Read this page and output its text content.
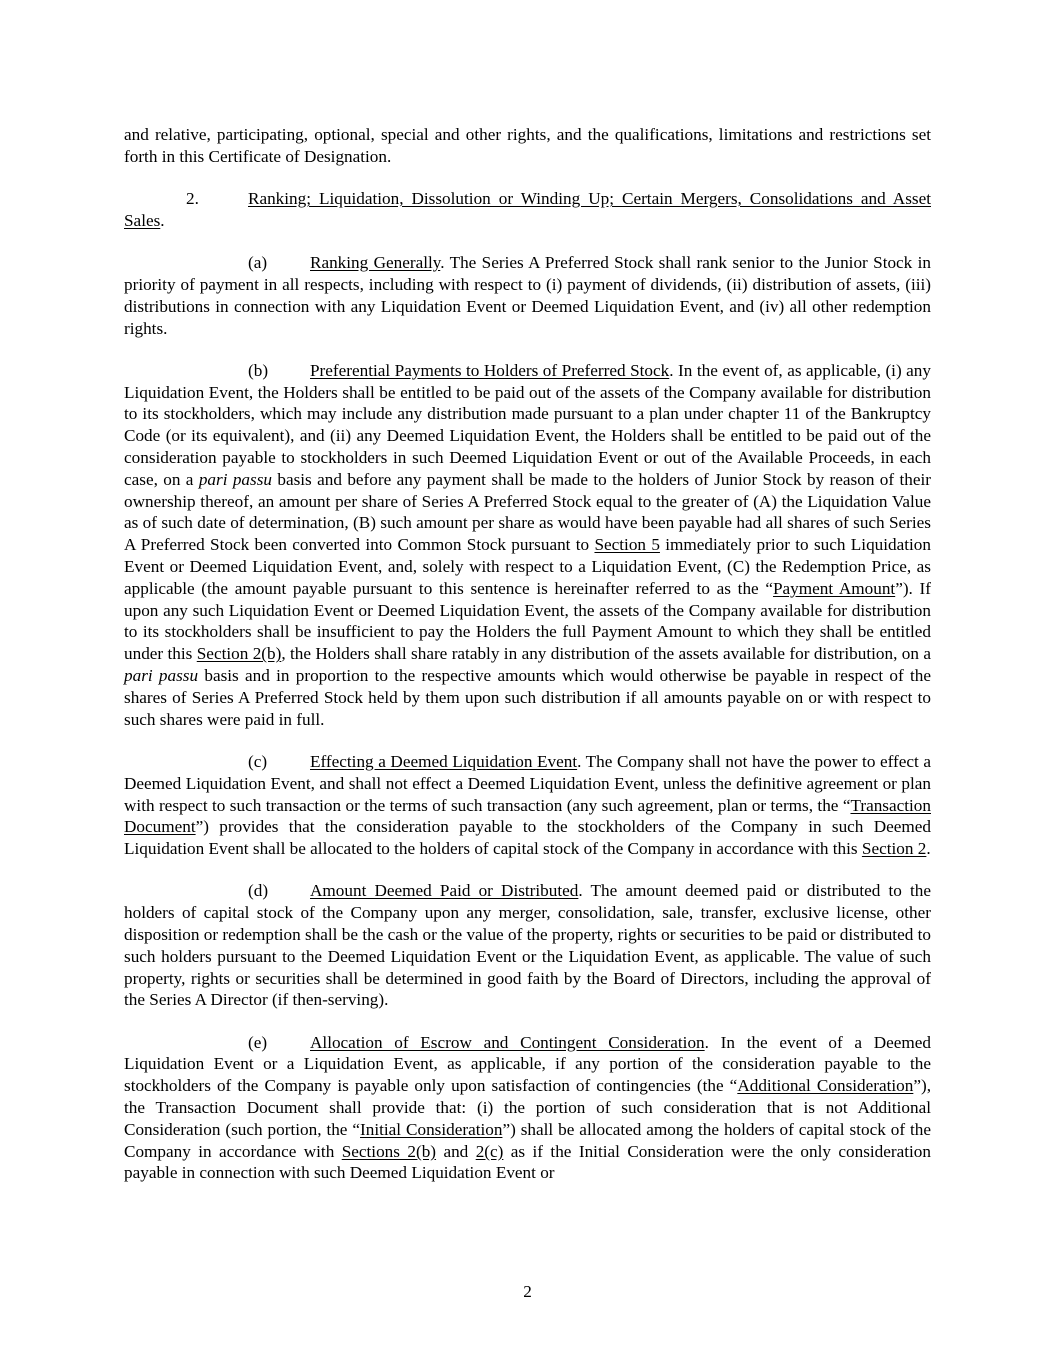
and relative, participating, optional, special and other rights, and the qualifications, limitations and restrictions set forth in this Certificate of Designation.

2.	Ranking; Liquidation, Dissolution or Winding Up; Certain Mergers, Consolidations and Asset Sales.

(a) Ranking Generally. The Series A Preferred Stock shall rank senior to the Junior Stock in priority of payment in all respects, including with respect to (i) payment of dividends, (ii) distribution of assets, (iii) distributions in connection with any Liquidation Event or Deemed Liquidation Event, and (iv) all other redemption rights.

(b) Preferential Payments to Holders of Preferred Stock. In the event of, as applicable, (i) any Liquidation Event, the Holders shall be entitled to be paid out of the assets of the Company available for distribution to its stockholders, which may include any distribution made pursuant to a plan under chapter 11 of the Bankruptcy Code (or its equivalent), and (ii) any Deemed Liquidation Event, the Holders shall be entitled to be paid out of the consideration payable to stockholders in such Deemed Liquidation Event or out of the Available Proceeds, in each case, on a pari passu basis and before any payment shall be made to the holders of Junior Stock by reason of their ownership thereof, an amount per share of Series A Preferred Stock equal to the greater of (A) the Liquidation Value as of such date of determination, (B) such amount per share as would have been payable had all shares of such Series A Preferred Stock been converted into Common Stock pursuant to Section 5 immediately prior to such Liquidation Event or Deemed Liquidation Event, and, solely with respect to a Liquidation Event, (C) the Redemption Price, as applicable (the amount payable pursuant to this sentence is hereinafter referred to as the “Payment Amount”). If upon any such Liquidation Event or Deemed Liquidation Event, the assets of the Company available for distribution to its stockholders shall be insufficient to pay the Holders the full Payment Amount to which they shall be entitled under this Section 2(b), the Holders shall share ratably in any distribution of the assets available for distribution, on a pari passu basis and in proportion to the respective amounts which would otherwise be payable in respect of the shares of Series A Preferred Stock held by them upon such distribution if all amounts payable on or with respect to such shares were paid in full.

(c) Effecting a Deemed Liquidation Event. The Company shall not have the power to effect a Deemed Liquidation Event, and shall not effect a Deemed Liquidation Event, unless the definitive agreement or plan with respect to such transaction or the terms of such transaction (any such agreement, plan or terms, the “Transaction Document”) provides that the consideration payable to the stockholders of the Company in such Deemed Liquidation Event shall be allocated to the holders of capital stock of the Company in accordance with this Section 2.

(d) Amount Deemed Paid or Distributed. The amount deemed paid or distributed to the holders of capital stock of the Company upon any merger, consolidation, sale, transfer, exclusive license, other disposition or redemption shall be the cash or the value of the property, rights or securities to be paid or distributed to such holders pursuant to the Deemed Liquidation Event or the Liquidation Event, as applicable. The value of such property, rights or securities shall be determined in good faith by the Board of Directors, including the approval of the Series A Director (if then-serving).

(e) Allocation of Escrow and Contingent Consideration. In the event of a Deemed Liquidation Event or a Liquidation Event, as applicable, if any portion of the consideration payable to the stockholders of the Company is payable only upon satisfaction of contingencies (the “Additional Consideration”), the Transaction Document shall provide that: (i) the portion of such consideration that is not Additional Consideration (such portion, the “Initial Consideration”) shall be allocated among the holders of capital stock of the Company in accordance with Sections 2(b) and 2(c) as if the Initial Consideration were the only consideration payable in connection with such Deemed Liquidation Event or

2
